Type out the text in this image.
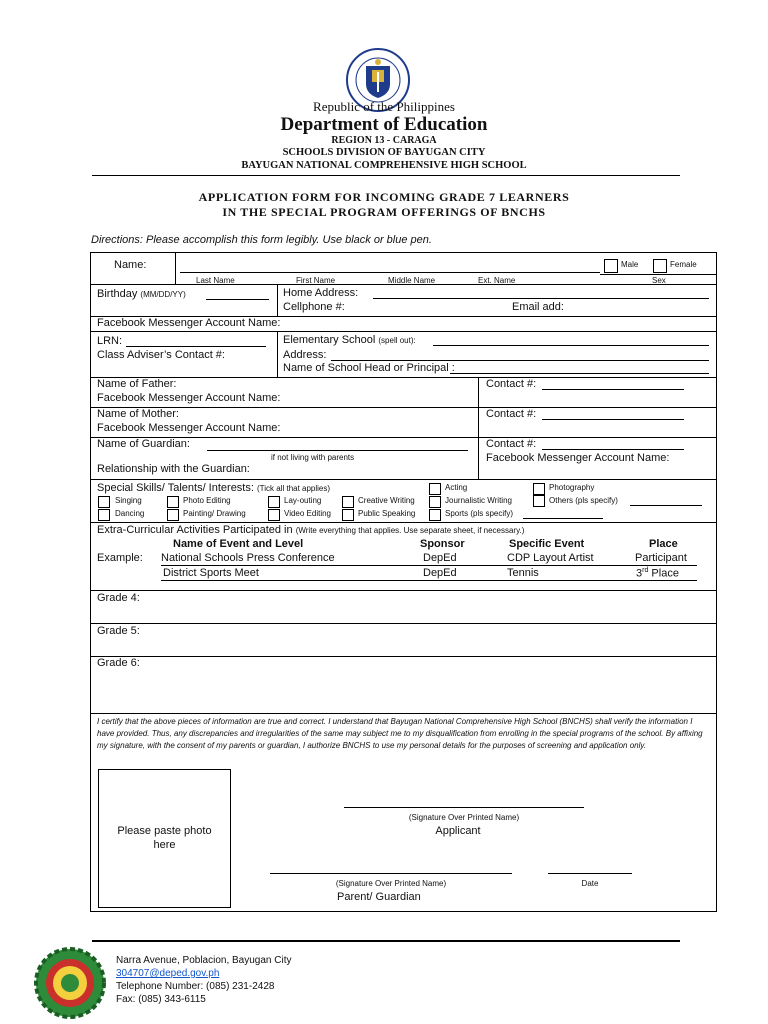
Republic of the Philippines
Department of Education
REGION 13 - CARAGA
SCHOOLS DIVISION OF BAYUGAN CITY
BAYUGAN NATIONAL COMPREHENSIVE HIGH SCHOOL
APPLICATION FORM FOR INCOMING GRADE 7 LEARNERS
IN THE SPECIAL PROGRAM OFFERINGS OF BNCHS
Directions: Please accomplish this form legibly. Use black or blue pen.
Name:
Last Name	First Name	Middle Name	Ext. Name
Male	Female
Sex
Birthday (MM/DD/YY)	Home Address:
Cellphone #:	Email add:
Facebook Messenger Account Name:
LRN:
Class Adviser’s Contact #:
Elementary School (spell out):
Address:
Name of School Head or Principal :
Name of Father:
Facebook Messenger Account Name:
Contact #:
Name of Mother:
Facebook Messenger Account Name:
Contact #:
Name of Guardian:
if not living with parents
Relationship with the Guardian:
Contact #:
Facebook Messenger Account Name:
Special Skills/ Talents/ Interests: (Tick all that applies)	Acting	Photography
Singing	Photo Editing	Lay-outing	Creative Writing	Journalistic Writing	Others (pls specify)
Dancing	Painting/ Drawing	Video Editing	Public Speaking	Sports (pls specify)
Extra-Curricular Activities Participated in (Write everything that applies. Use separate sheet, if necessary.)
Name of Event and Level	Sponsor	Specific Event	Place
Example: National Schools Press Conference	DepEd	CDP Layout Artist	Participant
District Sports Meet	DepEd	Tennis	3rd Place
Grade 4:
Grade 5:
Grade 6:
I certify that the above pieces of information are true and correct. I understand that Bayugan National Comprehensive High School (BNCHS) shall verify the information I have provided. Thus, any discrepancies and irregularities of the same may subject me to my disqualification from enrolling in the special programs of the school. By affixing my signature, with the consent of my parents or guardian, I authorize BNCHS to use my personal details for the purposes of screening and application only.
Please paste photo
here
(Signature Over Printed Name)
Applicant
(Signature Over Printed Name)	Date
Parent/ Guardian
Narra Avenue, Poblacion, Bayugan City
304707@deped.gov.ph
Telephone Number: (085) 231-2428
Fax: (085) 343-6115
